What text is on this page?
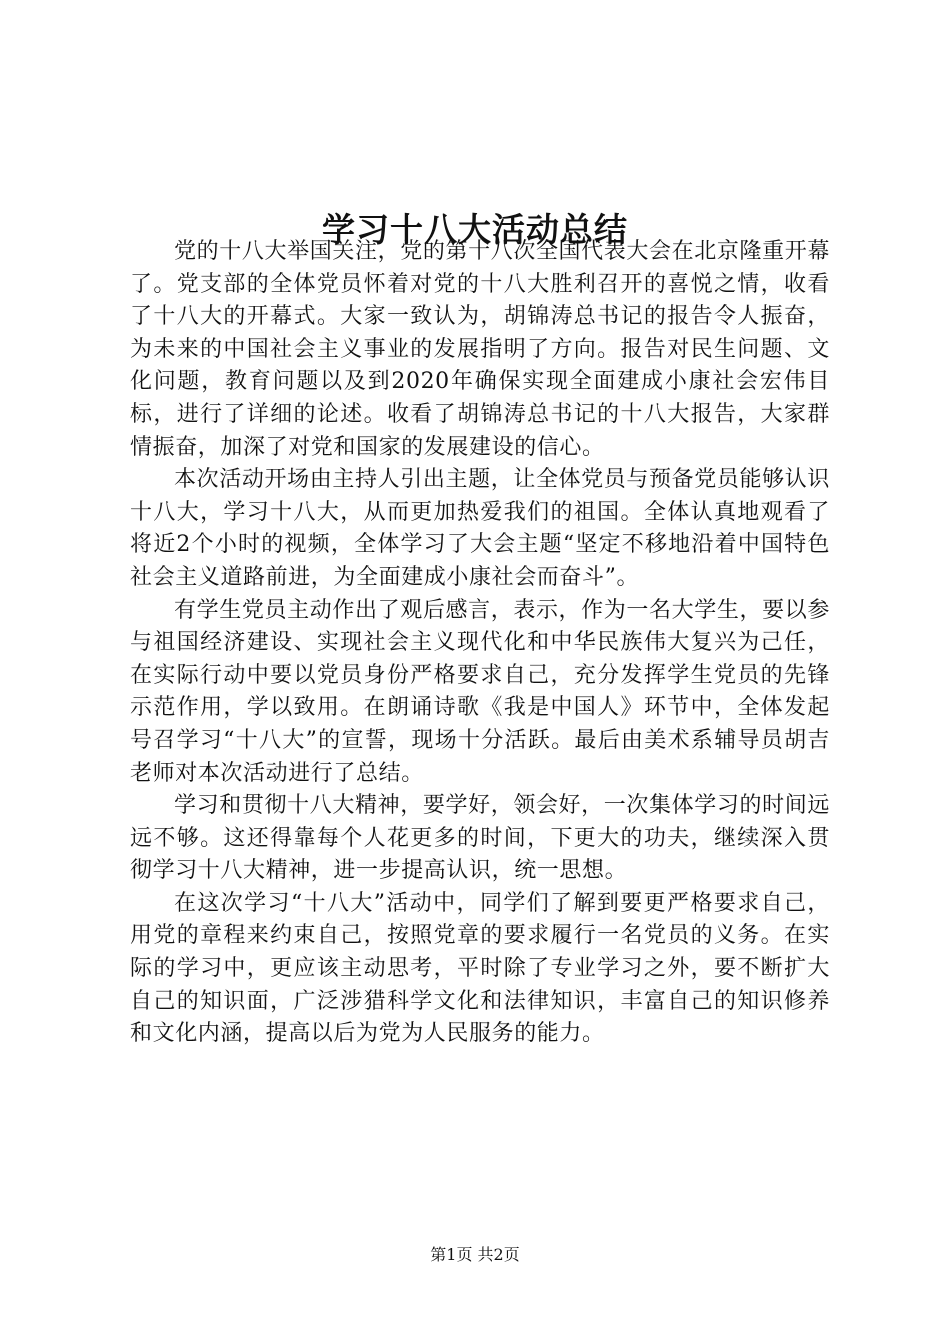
学习十八大活动总结

党的十八大举国关注，党的第十八次全国代表大会在北京隆重开幕了。党支部的全体党员怀着对党的十八大胜利召开的喜悦之情，收看了十八大的开幕式。大家一致认为，胡锦涛总书记的报告令人振奋，为未来的中国社会主义事业的发展指明了方向。报告对民生问题、文化问题，教育问题以及到2020年确保实现全面建成小康社会宏伟目标，进行了详细的论述。收看了胡锦涛总书记的十八大报告，大家群情振奋，加深了对党和国家的发展建设的信心。

本次活动开场由主持人引出主题，让全体党员与预备党员能够认识十八大，学习十八大，从而更加热爱我们的祖国。全体认真地观看了将近2个小时的视频，全体学习了大会主题“坚定不移地沿着中国特色社会主义道路前进，为全面建成小康社会而奋斗”。

有学生党员主动作出了观后感言，表示，作为一名大学生，要以参与祖国经济建设、实现社会主义现代化和中华民族伟大复兴为己任，在实际行动中要以党员身份严格要求自己，充分发挥学生党员的先锋示范作用，学以致用。在朗诵诗歌《我是中国人》环节中，全体发起号召学习“十八大”的宣誓，现场十分活跃。最后由美术系辅导员胡吉老师对本次活动进行了总结。

学习和贯彻十八大精神，要学好，领会好，一次集体学习的时间远远不够。这还得靠每个人花更多的时间，下更大的功夫，继续深入贯彻学习十八大精神，进一步提高认识，统一思想。

在这次学习“十八大”活动中，同学们了解到要更严格要求自己，用党的章程来约束自己，按照党章的要求履行一名党员的义务。在实际的学习中，更应该主动思考，平时除了专业学习之外，要不断扩大自己的知识面，广泛涉猎科学文化和法律知识，丰富自己的知识修养和文化内涵，提高以后为党为人民服务的能力。

第1页 共2页
